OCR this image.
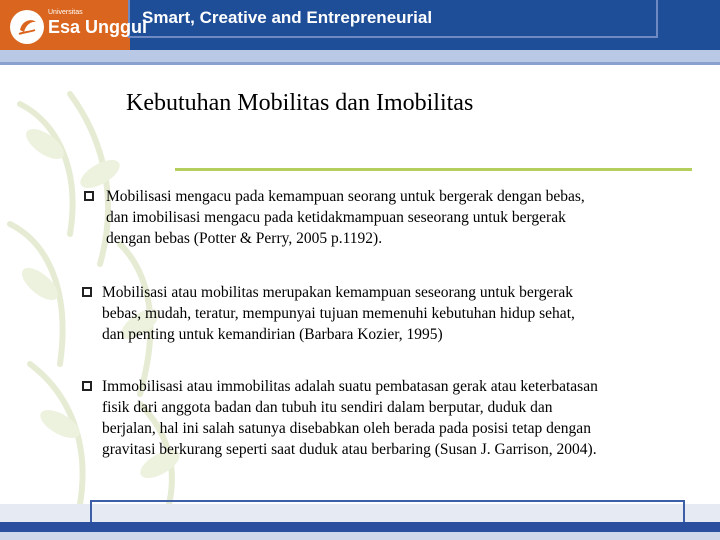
Universitas
Esa Unggul
Smart, Creative and Entrepreneurial
Kebutuhan Mobilitas dan Imobilitas
Mobilisasi mengacu pada kemampuan seorang untuk bergerak dengan bebas,
dan imobilisasi mengacu pada ketidakmampuan seseorang untuk bergerak
dengan bebas (Potter & Perry, 2005 p.1192).
Mobilisasi atau mobilitas merupakan kemampuan seseorang untuk bergerak
bebas, mudah, teratur, mempunyai tujuan memenuhi kebutuhan hidup sehat,
dan penting untuk kemandirian (Barbara Kozier, 1995)
Immobilisasi atau immobilitas adalah suatu pembatasan gerak atau keterbatasan
fisik dari anggota badan dan tubuh itu sendiri dalam berputar, duduk dan
berjalan, hal ini salah satunya disebabkan oleh berada pada posisi tetap dengan
gravitasi berkurang seperti saat duduk atau berbaring (Susan J. Garrison, 2004).
